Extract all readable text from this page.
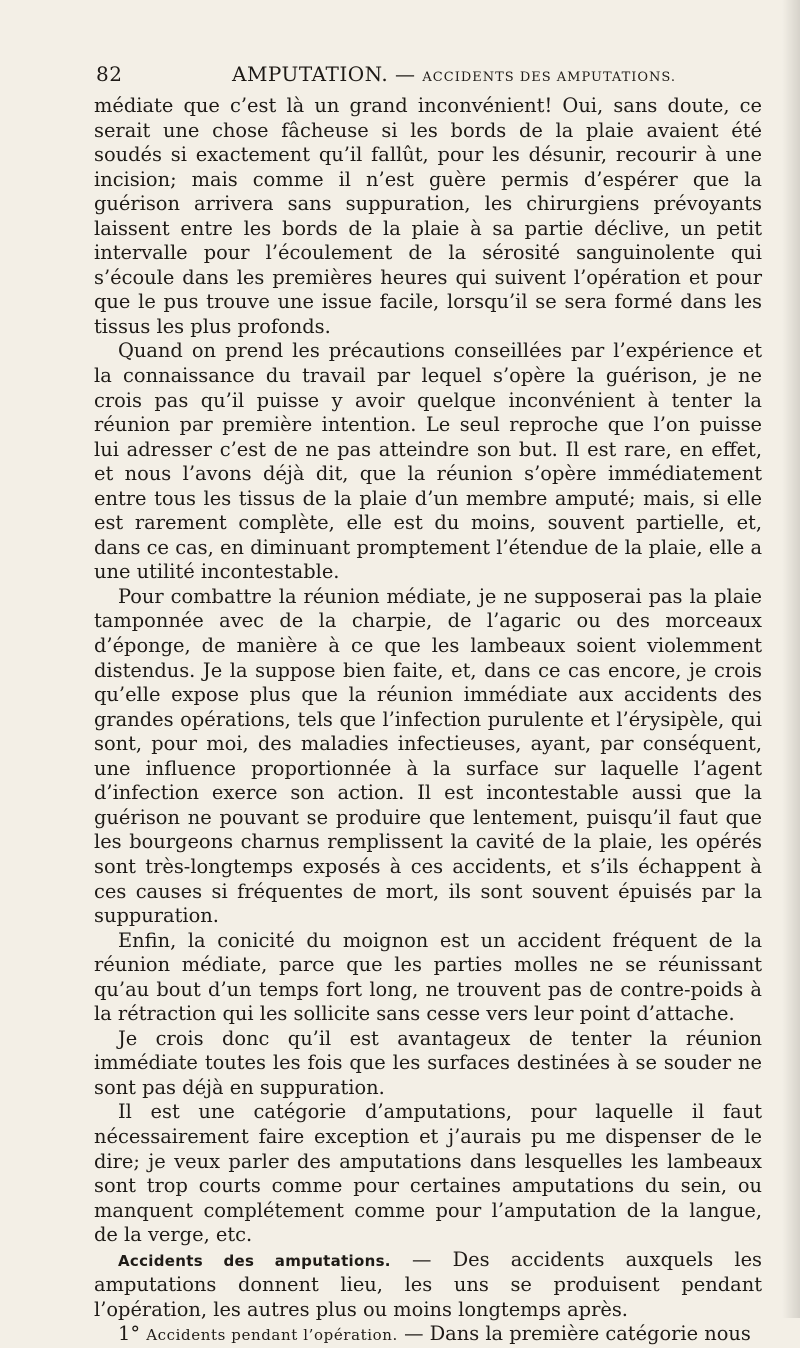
82	AMPUTATION. — ACCIDENTS DES AMPUTATIONS.

médiate que c’est là un grand inconvénient! Oui, sans doute, ce serait une chose fâcheuse si les bords de la plaie avaient été soudés si exactement qu’il fallût, pour les désunir, recourir à une incision; mais comme il n’est guère permis d’espérer que la guérison arrivera sans suppuration, les chirurgiens prévoyants laissent entre les bords de la plaie à sa partie déclive, un petit intervalle pour l’écoulement de la sérosité sanguinolente qui s’écoule dans les premières heures qui suivent l’opération et pour que le pus trouve une issue facile, lorsqu’il se sera formé dans les tissus les plus profonds.

Quand on prend les précautions conseillées par l’expérience et la connaissance du travail par lequel s’opère la guérison, je ne crois pas qu’il puisse y avoir quelque inconvénient à tenter la réunion par première intention. Le seul reproche que l’on puisse lui adresser c’est de ne pas atteindre son but. Il est rare, en effet, et nous l’avons déjà dit, que la réunion s’opère immédiatement entre tous les tissus de la plaie d’un membre amputé; mais, si elle est rarement complète, elle est du moins, souvent partielle, et, dans ce cas, en diminuant promptement l’étendue de la plaie, elle a une utilité incontestable.

Pour combattre la réunion médiate, je ne supposerai pas la plaie tamponnée avec de la charpie, de l’agaric ou des morceaux d’éponge, de manière à ce que les lambeaux soient violemment distendus. Je la suppose bien faite, et, dans ce cas encore, je crois qu’elle expose plus que la réunion immédiate aux accidents des grandes opérations, tels que l’infection purulente et l’érysipèle, qui sont, pour moi, des maladies infectieuses, ayant, par conséquent, une influence proportionnée à la surface sur laquelle l’agent d’infection exerce son action. Il est incontestable aussi que la guérison ne pouvant se produire que lentement, puisqu’il faut que les bourgeons charnus remplissent la cavité de la plaie, les opérés sont très-longtemps exposés à ces accidents, et s’ils échappent à ces causes si fréquentes de mort, ils sont souvent épuisés par la suppuration.

Enfin, la conicité du moignon est un accident fréquent de la réunion médiate, parce que les parties molles ne se réunissant qu’au bout d’un temps fort long, ne trouvent pas de contre-poids à la rétraction qui les sollicite sans cesse vers leur point d’attache.

Je crois donc qu’il est avantageux de tenter la réunion immédiate toutes les fois que les surfaces destinées à se souder ne sont pas déjà en suppuration.

Il est une catégorie d’amputations, pour laquelle il faut nécessairement faire exception et j’aurais pu me dispenser de le dire; je veux parler des amputations dans lesquelles les lambeaux sont trop courts comme pour certaines amputations du sein, ou manquent complétement comme pour l’amputation de la langue, de la verge, etc.

Accidents des amputations. — Des accidents auxquels les amputations donnent lieu, les uns se produisent pendant l’opération, les autres plus ou moins longtemps après.

1° Accidents pendant l’opération. — Dans la première catégorie nous
